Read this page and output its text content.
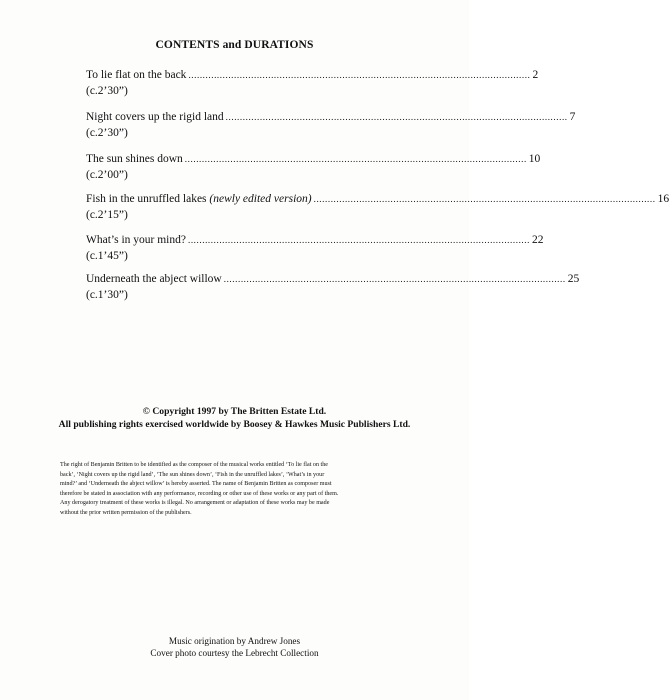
CONTENTS and DURATIONS
To lie flat on the back ........................................................................................................................ 2
(c.2’30”)
Night covers up the rigid land ........................................................................................................................ 7
(c.2’30”)
The sun shines down ........................................................................................................................ 10
(c.2’00”)
Fish in the unruffled lakes (newly edited version) ........................................................................................................................ 16
(c.2’15”)
What’s in your mind? ........................................................................................................................ 22
(c.1’45”)
Underneath the abject willow ........................................................................................................................ 25
(c.1’30”)
© Copyright 1997 by The Britten Estate Ltd.
All publishing rights exercised worldwide by Boosey & Hawkes Music Publishers Ltd.
The right of Benjamin Britten to be identified as the composer of the musical works entitled ‘To lie flat on the
back’, ‘Night covers up the rigid land’, ‘The sun shines down’, ‘Fish in the unruffled lakes’, ‘What’s in your
mind?’ and ‘Underneath the abject willow’ is hereby asserted. The name of Benjamin Britten as composer must
therefore be stated in association with any performance, recording or other use of these works or any part of them.
Any derogatory treatment of these works is illegal. No arrangement or adaptation of these works may be made
without the prior written permission of the publishers.
Music origination by Andrew Jones
Cover photo courtesy the Lebrecht Collection
